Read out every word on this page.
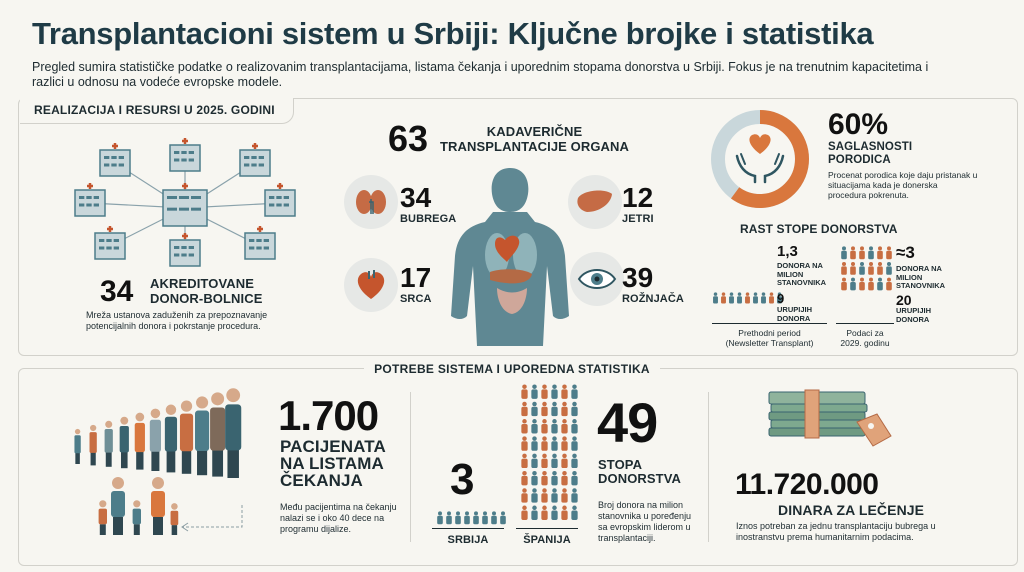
Transplantacioni sistem u Srbiji: Ključne brojke i statistika
Pregled sumira statističke podatke o realizovanim transplantacijama, listama čekanja i uporednim stopama donorstva u Srbiji. Fokus je na trenutnim kapacitetima i razlici u odnosu na vodeće evropske modele.
REALIZACIJA I RESURSI U 2025. GODINI
34 AKREDITOVANE
DONOR-BOLNICE
Mreža ustanova zaduženih za prepoznavanje potencijalnih donora i pokrstanje procedura.
63	KADAVERIČNE
TRANSPLANTACIJE ORGANA
34
BUBREGA
17
SRCA
12
JETRI
39
ROŽNJAČA
60%
SAGLASNOSTI
PORODICA
Procenat porodica koje daju pristanak u situacijama kada je donerska procedura pokrenuta.
RAST STOPE DONORSTVA
1,3
DONORA NA MILION STANOVNIKA
9
URUPIJIH DONORA
Prethodni period
(Newsletter Transplant)
≈3
DONORA NA MILION STANOVNIKA
20
URUPIJIH DONORA
Podaci za
2029. godinu
POTREBE SISTEMA I UPOREDNA STATISTIKA
1.700
PACIJENATA
NA LISTAMA
ČEKANJA
Među pacijentima na čekanju nalazi se i oko 40 dece na programu dijalize.
3
SRBIJA	ŠPANIJA
49
STOPA
DONORSTVA
Broj donora na milion stanovnika u poređenju sa evropskim liderom u transplantaciji.
11.720.000
DINARA ZA LEČENJE
Iznos potreban za jednu transplantaciju bubrega u inostranstvu prema humanitarnim podacima.
